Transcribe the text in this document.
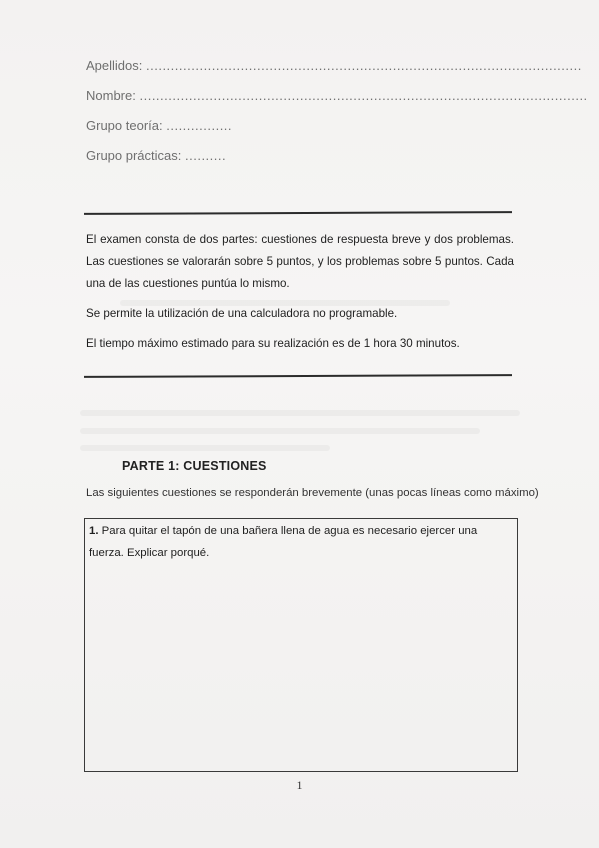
Apellidos: ..........................................................................................................
Nombre: .............................................................................................................
Grupo teoría: ................
Grupo prácticas: ..........
El examen consta de dos partes: cuestiones de respuesta breve y dos problemas. Las cuestiones se valorarán sobre 5 puntos, y los problemas sobre 5 puntos. Cada una de las cuestiones puntúa lo mismo.
Se permite la utilización de una calculadora no programable.
El tiempo máximo estimado para su realización es de 1 hora 30 minutos.
PARTE 1: CUESTIONES
Las siguientes cuestiones se responderán brevemente (unas pocas líneas como máximo)
1. Para quitar el tapón de una bañera llena de agua es necesario ejercer una fuerza. Explicar porqué.
1
